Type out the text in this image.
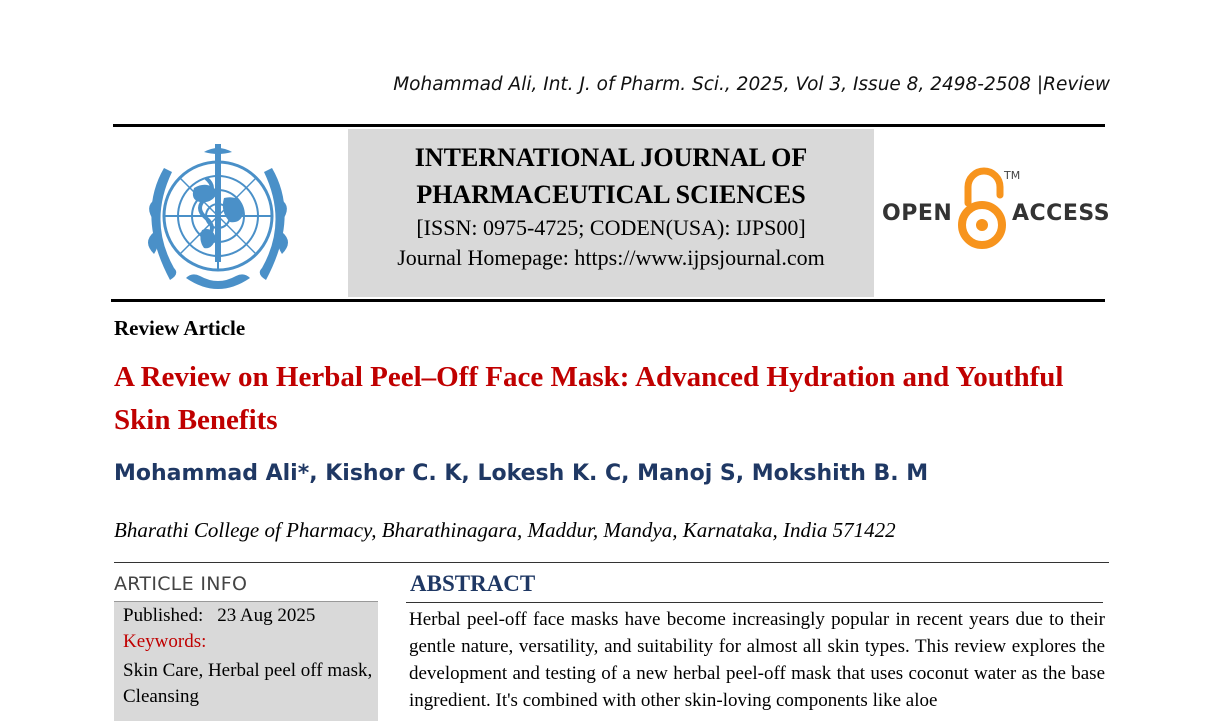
Mohammad Ali, Int. J. of Pharm. Sci., 2025, Vol 3, Issue 8, 2498-2508 |Review
INTERNATIONAL JOURNAL OF
PHARMACEUTICAL SCIENCES
[ISSN: 0975-4725; CODEN(USA): IJPS00]
Journal Homepage: https://www.ijpsjournal.com
OPEN
TM
ACCESS
Review Article
A Review on Herbal Peel–Off Face Mask: Advanced Hydration and Youthful Skin Benefits
Mohammad Ali*, Kishor C. K, Lokesh K. C, Manoj S, Mokshith B. M
Bharathi College of Pharmacy, Bharathinagara, Maddur, Mandya, Karnataka, India 571422
ARTICLE INFO
Published: 23 Aug 2025
Keywords:
Skin Care, Herbal peel off mask, Cleansing
ABSTRACT
Herbal peel-off face masks have become increasingly popular in recent years due to their gentle nature, versatility, and suitability for almost all skin types. This review explores the development and testing of a new herbal peel-off mask that uses coconut water as the base ingredient. It's combined with other skin-loving components like aloe
